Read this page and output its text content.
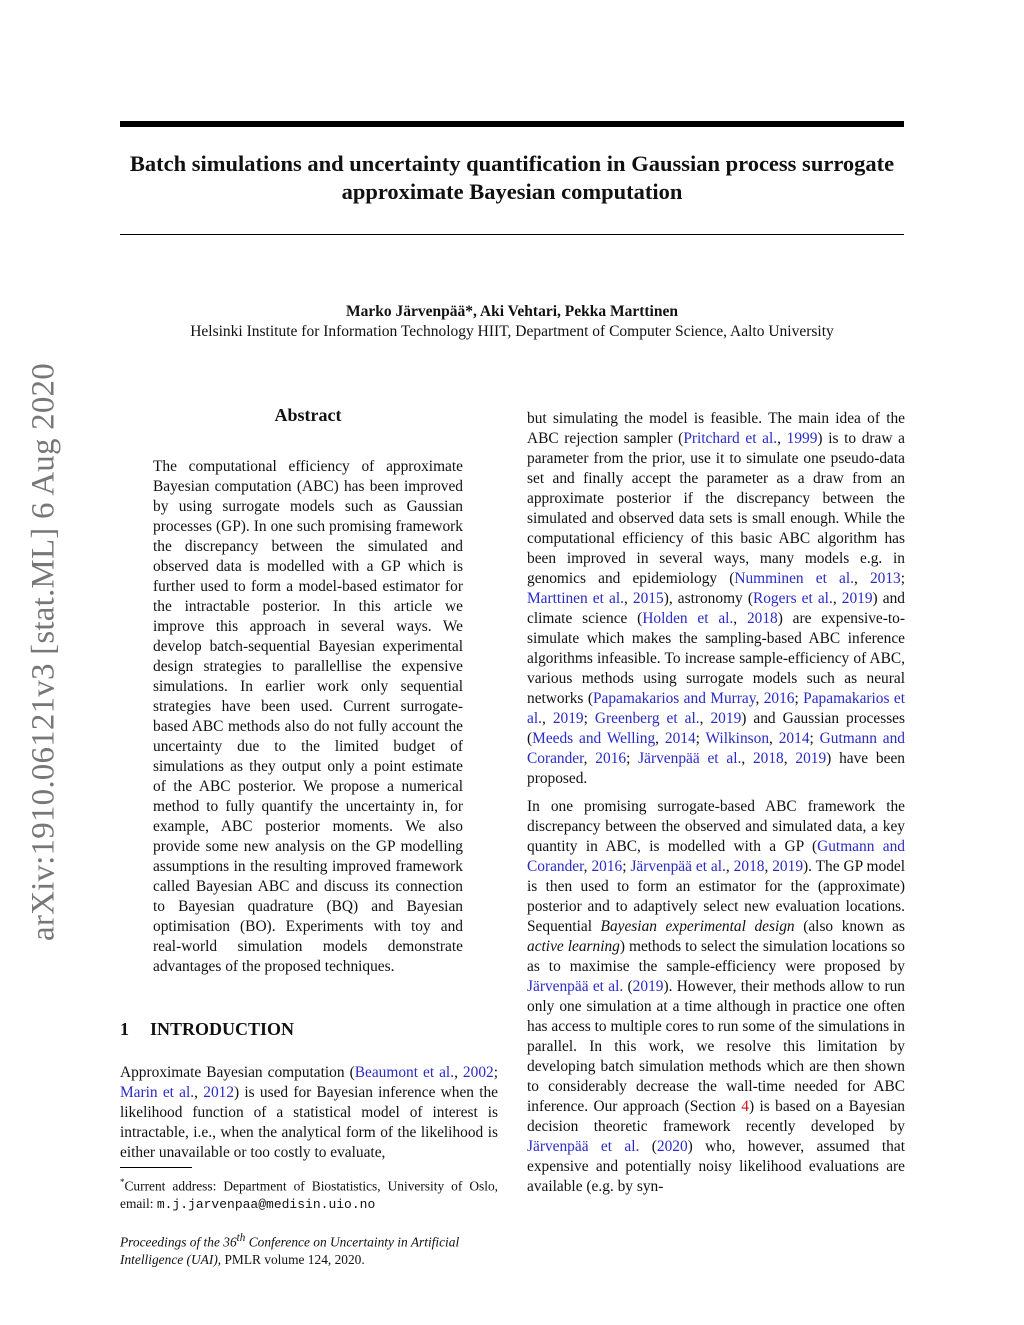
Batch simulations and uncertainty quantification in Gaussian process surrogate approximate Bayesian computation
Marko Järvenpää*, Aki Vehtari, Pekka Marttinen
Helsinki Institute for Information Technology HIIT, Department of Computer Science, Aalto University
arXiv:1910.06121v3 [stat.ML] 6 Aug 2020	Abstract

The computational efficiency of approximate Bayesian computation (ABC) has been improved by using surrogate models such as Gaussian processes (GP). In one such promising framework the discrepancy between the simulated and observed data is modelled with a GP which is further used to form a model-based estimator for the intractable posterior. In this article we improve this approach in several ways. We develop batch-sequential Bayesian experimental design strategies to parallellise the expensive simulations. In earlier work only sequential strategies have been used. Current surrogate-based ABC methods also do not fully account the uncertainty due to the limited budget of simulations as they output only a point estimate of the ABC posterior. We propose a numerical method to fully quantify the uncertainty in, for example, ABC posterior moments. We also provide some new analysis on the GP modelling assumptions in the resulting improved framework called Bayesian ABC and discuss its connection to Bayesian quadrature (BQ) and Bayesian optimisation (BO). Experiments with toy and real-world simulation models demonstrate advantages of the proposed techniques.

1 INTRODUCTION

Approximate Bayesian computation (Beaumont et al., 2002; Marin et al., 2012) is used for Bayesian inference when the likelihood function of a statistical model of interest is intractable, i.e., when the analytical form of the likelihood is either unavailable or too costly to evaluate,

*Current address: Department of Biostatistics, University of Oslo, email: m.j.jarvenpaa@medisin.uio.no

Proceedings of the 36th Conference on Uncertainty in Artificial Intelligence (UAI), PMLR volume 124, 2020.

but simulating the model is feasible. The main idea of the ABC rejection sampler (Pritchard et al., 1999) is to draw a parameter from the prior, use it to simulate one pseudo-data set and finally accept the parameter as a draw from an approximate posterior if the discrepancy between the simulated and observed data sets is small enough. While the computational efficiency of this basic ABC algorithm has been improved in several ways, many models e.g. in genomics and epidemiology (Numminen et al., 2013; Marttinen et al., 2015), astronomy (Rogers et al., 2019) and climate science (Holden et al., 2018) are expensive-to-simulate which makes the sampling-based ABC inference algorithms infeasible. To increase sample-efficiency of ABC, various methods using surrogate models such as neural networks (Papamakarios and Murray, 2016; Papamakarios et al., 2019; Greenberg et al., 2019) and Gaussian processes (Meeds and Welling, 2014; Wilkinson, 2014; Gutmann and Corander, 2016; Järvenpää et al., 2018, 2019) have been proposed.

In one promising surrogate-based ABC framework the discrepancy between the observed and simulated data, a key quantity in ABC, is modelled with a GP (Gutmann and Corander, 2016; Järvenpää et al., 2018, 2019). The GP model is then used to form an estimator for the (approximate) posterior and to adaptively select new evaluation locations. Sequential Bayesian experimental design (also known as active learning) methods to select the simulation locations so as to maximise the sample-efficiency were proposed by Järvenpää et al. (2019). However, their methods allow to run only one simulation at a time although in practice one often has access to multiple cores to run some of the simulations in parallel. In this work, we resolve this limitation by developing batch simulation methods which are then shown to considerably decrease the wall-time needed for ABC inference. Our approach (Section 4) is based on a Bayesian decision theoretic framework recently developed by Järvenpää et al. (2020) who, however, assumed that expensive and potentially noisy likelihood evaluations are available (e.g. by syn-
